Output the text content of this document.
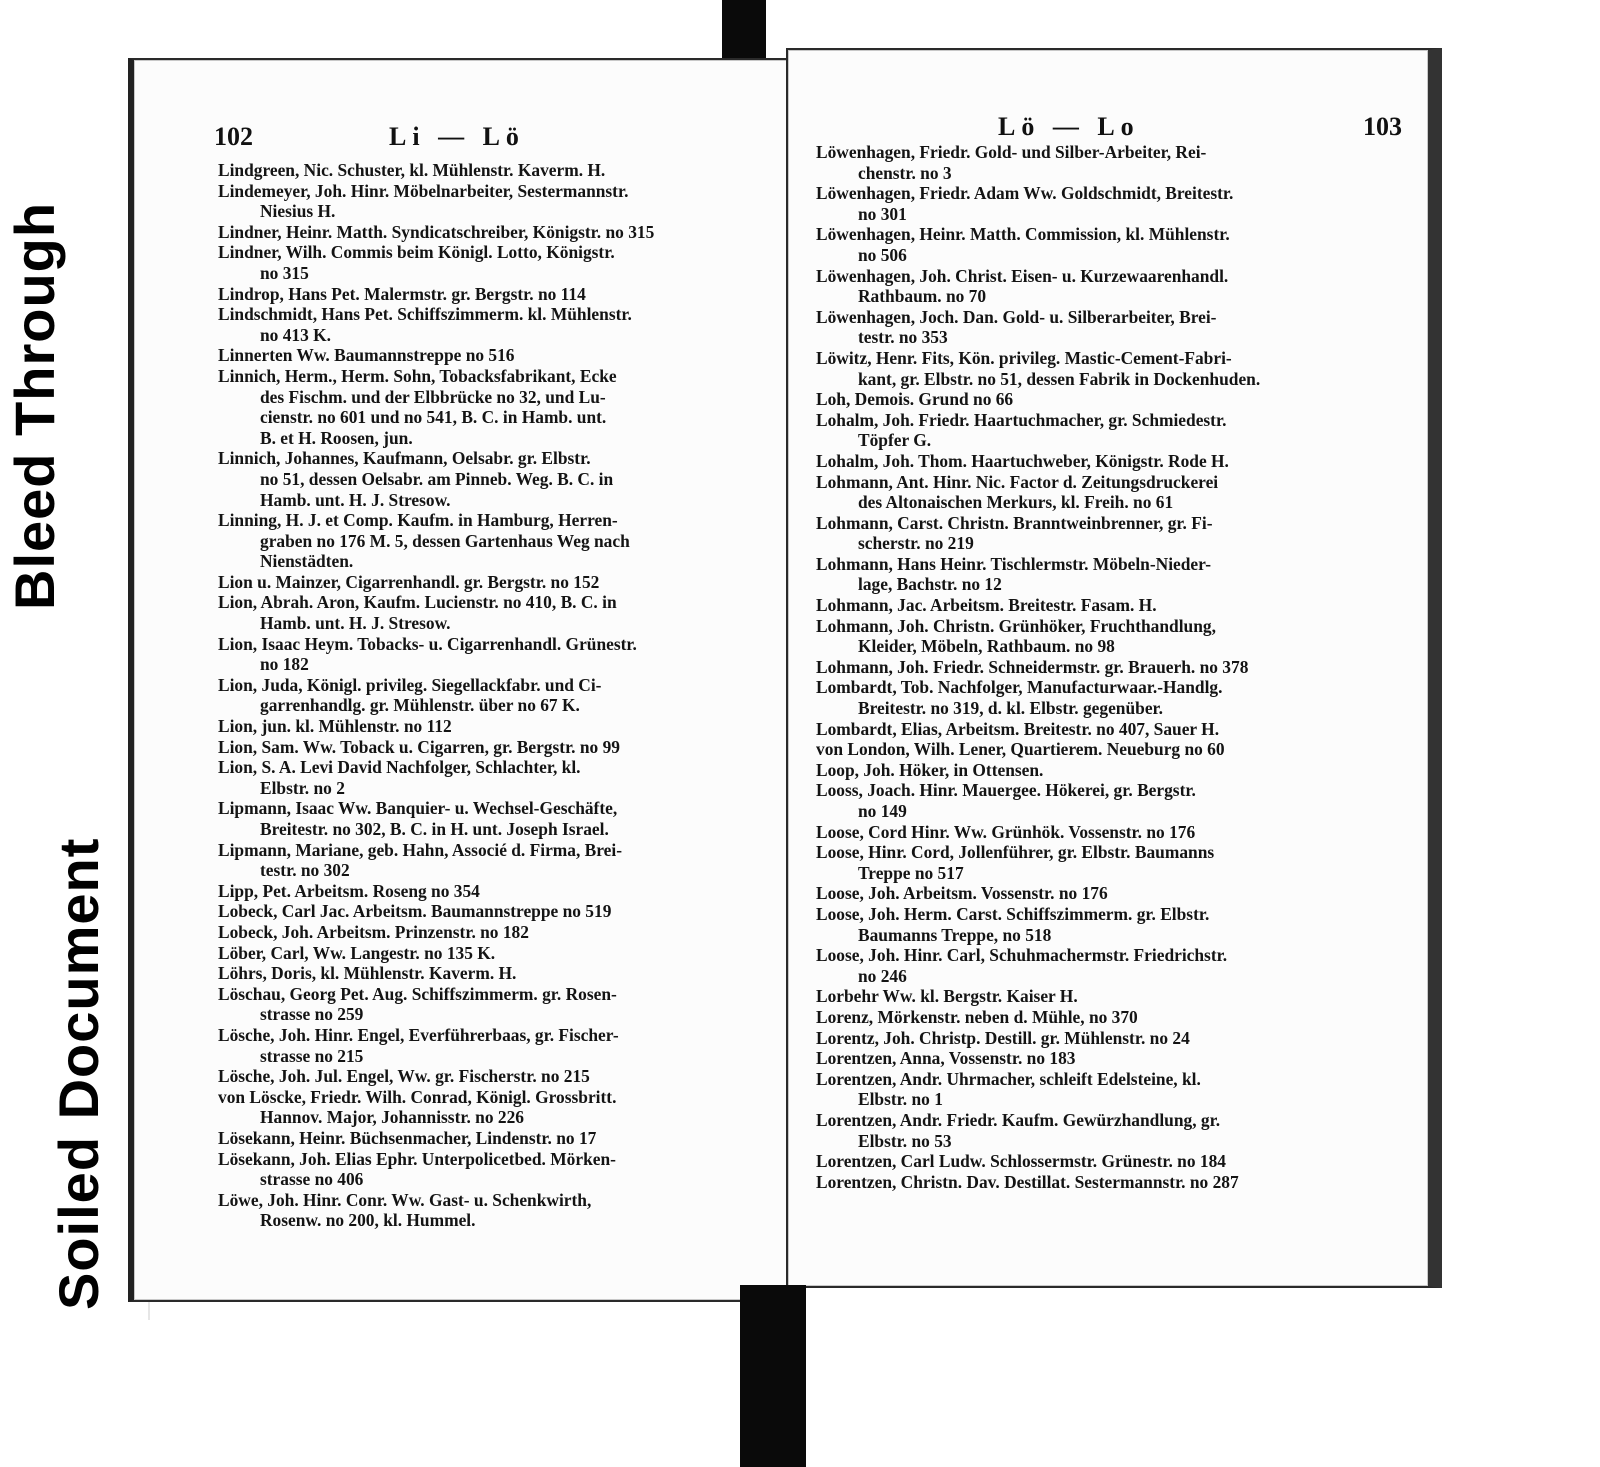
Bleed Through
Soiled Document
102	Li — Lö

Lindgreen, Nic. Schuster, kl. Mühlenstr. Kaverm. H.

Lindemeyer, Joh. Hinr. Möbelnarbeiter, Sestermannstr.

Niesius H.

Lindner, Heinr. Matth. Syndicatschreiber, Königstr. no 315

Lindner, Wilh. Commis beim Königl. Lotto, Königstr.

no 315

Lindrop, Hans Pet. Malermstr. gr. Bergstr. no 114

Lindschmidt, Hans Pet. Schiffszimmerm. kl. Mühlenstr.

no 413 K.

Linnerten Ww. Baumannstreppe no 516

Linnich, Herm., Herm. Sohn, Tobacksfabrikant, Ecke

des Fischm. und der Elbbrücke no 32, und Lu-
cienstr. no 601 und no 541, B. C. in Hamb. unt.
B. et H. Roosen, jun.

Linnich, Johannes, Kaufmann, Oelsabr. gr. Elbstr.

no 51, dessen Oelsabr. am Pinneb. Weg. B. C. in
Hamb. unt. H. J. Stresow.

Linning, H. J. et Comp. Kaufm. in Hamburg, Herren-

graben no 176 M. 5, dessen Gartenhaus Weg nach
Nienstädten.

Lion u. Mainzer, Cigarrenhandl. gr. Bergstr. no 152

Lion, Abrah. Aron, Kaufm. Lucienstr. no 410, B. C. in

Hamb. unt. H. J. Stresow.

Lion, Isaac Heym. Tobacks- u. Cigarrenhandl. Grünestr.

no 182

Lion, Juda, Königl. privileg. Siegellackfabr. und Ci-

garrenhandlg. gr. Mühlenstr. über no 67 K.

Lion, jun. kl. Mühlenstr. no 112

Lion, Sam. Ww. Toback u. Cigarren, gr. Bergstr. no 99

Lion, S. A. Levi David Nachfolger, Schlachter, kl.

Elbstr. no 2

Lipmann, Isaac Ww. Banquier- u. Wechsel-Geschäfte,

Breitestr. no 302, B. C. in H. unt. Joseph Israel.

Lipmann, Mariane, geb. Hahn, Associé d. Firma, Brei-

testr. no 302

Lipp, Pet. Arbeitsm. Roseng no 354

Lobeck, Carl Jac. Arbeitsm. Baumannstreppe no 519

Lobeck, Joh. Arbeitsm. Prinzenstr. no 182

Löber, Carl, Ww. Langestr. no 135 K.

Löhrs, Doris, kl. Mühlenstr. Kaverm. H.

Löschau, Georg Pet. Aug. Schiffszimmerm. gr. Rosen-

strasse no 259

Lösche, Joh. Hinr. Engel, Everführerbaas, gr. Fischer-

strasse no 215

Lösche, Joh. Jul. Engel, Ww. gr. Fischerstr. no 215

von Löscke, Friedr. Wilh. Conrad, Königl. Grossbritt.

Hannov. Major, Johannisstr. no 226

Lösekann, Heinr. Büchsenmacher, Lindenstr. no 17

Lösekann, Joh. Elias Ephr. Unterpolicetbed. Mörken-

strasse no 406

Löwe, Joh. Hinr. Conr. Ww. Gast- u. Schenkwirth,

Rosenw. no 200, kl. Hummel.

Lö — Lo	103

Löwenhagen, Friedr. Gold- und Silber-Arbeiter, Rei-

chenstr. no 3

Löwenhagen, Friedr. Adam Ww. Goldschmidt, Breitestr.

no 301

Löwenhagen, Heinr. Matth. Commission, kl. Mühlenstr.

no 506

Löwenhagen, Joh. Christ. Eisen- u. Kurzewaarenhandl.

Rathbaum. no 70

Löwenhagen, Joch. Dan. Gold- u. Silberarbeiter, Brei-

testr. no 353

Löwitz, Henr. Fits, Kön. privileg. Mastic-Cement-Fabri-

kant, gr. Elbstr. no 51, dessen Fabrik in Dockenhuden.

Loh, Demois. Grund no 66

Lohalm, Joh. Friedr. Haartuchmacher, gr. Schmiedestr.

Töpfer G.

Lohalm, Joh. Thom. Haartuchweber, Königstr. Rode H.

Lohmann, Ant. Hinr. Nic. Factor d. Zeitungsdruckerei

des Altonaischen Merkurs, kl. Freih. no 61

Lohmann, Carst. Christn. Branntweinbrenner, gr. Fi-

scherstr. no 219

Lohmann, Hans Heinr. Tischlermstr. Möbeln-Nieder-

lage, Bachstr. no 12

Lohmann, Jac. Arbeitsm. Breitestr. Fasam. H.

Lohmann, Joh. Christn. Grünhöker, Fruchthandlung,

Kleider, Möbeln, Rathbaum. no 98

Lohmann, Joh. Friedr. Schneidermstr. gr. Brauerh. no 378

Lombardt, Tob. Nachfolger, Manufacturwaar.-Handlg.

Breitestr. no 319, d. kl. Elbstr. gegenüber.

Lombardt, Elias, Arbeitsm. Breitestr. no 407, Sauer H.

von London, Wilh. Lener, Quartierem. Neueburg no 60

Loop, Joh. Höker, in Ottensen.

Looss, Joach. Hinr. Mauergee. Hökerei, gr. Bergstr.

no 149

Loose, Cord Hinr. Ww. Grünhök. Vossenstr. no 176

Loose, Hinr. Cord, Jollenführer, gr. Elbstr. Baumanns

Treppe no 517

Loose, Joh. Arbeitsm. Vossenstr. no 176

Loose, Joh. Herm. Carst. Schiffszimmerm. gr. Elbstr.

Baumanns Treppe, no 518

Loose, Joh. Hinr. Carl, Schuhmachermstr. Friedrichstr.

no 246

Lorbehr Ww. kl. Bergstr. Kaiser H.

Lorenz, Mörkenstr. neben d. Mühle, no 370

Lorentz, Joh. Christp. Destill. gr. Mühlenstr. no 24

Lorentzen, Anna, Vossenstr. no 183

Lorentzen, Andr. Uhrmacher, schleift Edelsteine, kl.

Elbstr. no 1

Lorentzen, Andr. Friedr. Kaufm. Gewürzhandlung, gr.

Elbstr. no 53

Lorentzen, Carl Ludw. Schlossermstr. Grünestr. no 184

Lorentzen, Christn. Dav. Destillat. Sestermannstr. no 287
